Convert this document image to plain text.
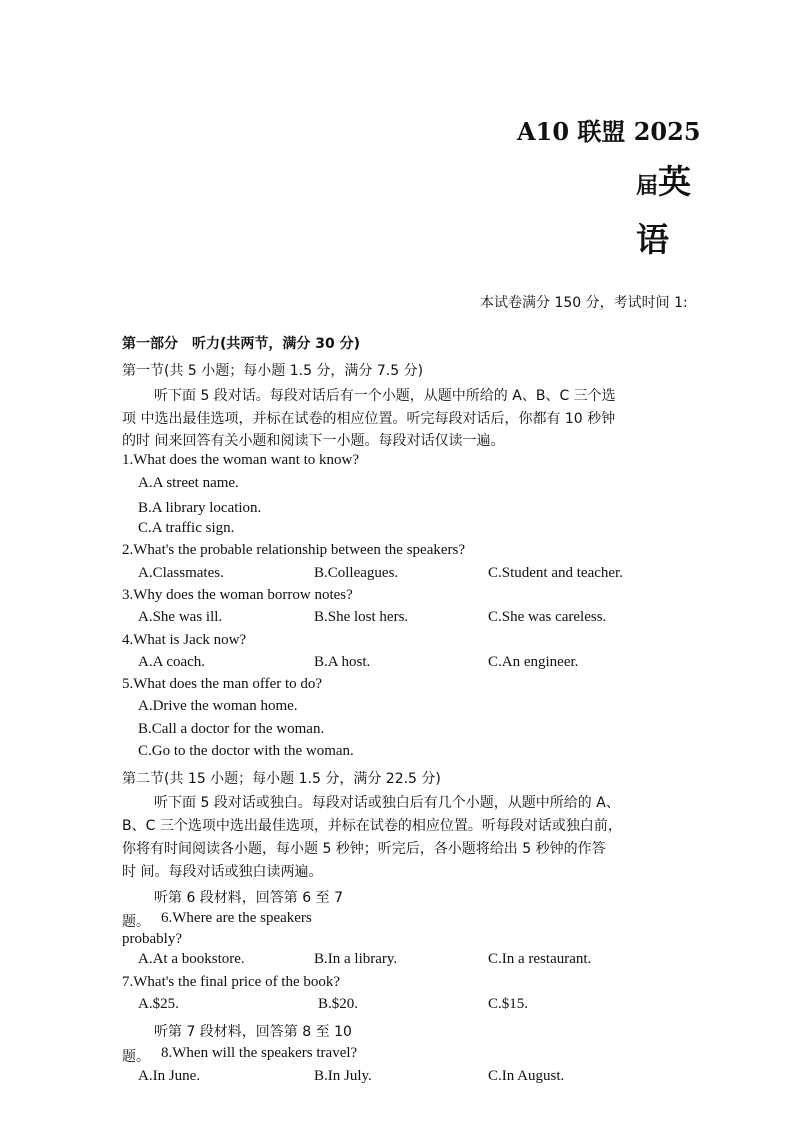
A10 联盟 2025
届英
语
本试卷满分 150 分，考试时间 1:
第一部分　听力(共两节，满分 30 分)
第一节(共 5 小题；每小题 1.5 分，满分 7.5 分)
听下面 5 段对话。每段对话后有一个小题，从题中所给的 A、B、C 三个选
项 中选出最佳选项，并标在试卷的相应位置。听完每段对话后，你都有 10 秒钟
的时 间来回答有关小题和阅读下一小题。每段对话仅读一遍。
1.What does the woman want to know?
A.A street name.
B.A library location.
C.A traffic sign.
2.What's the probable relationship between the speakers?
A.Classmates.	B.Colleagues.	C.Student and teacher.
3.Why does the woman borrow notes?
A.She was ill.	B.She lost hers.	C.She was careless.
4.What is Jack now?
A.A coach.	B.A host.	C.An engineer.
5.What does the man offer to do?
A.Drive the woman home.
B.Call a doctor for the woman.
C.Go to the doctor with the woman.
第二节(共 15 小题；每小题 1.5 分，满分 22.5 分)
听下面 5 段对话或独白。每段对话或独白后有几个小题，从题中所给的 A、
B、C 三个选项中选出最佳选项，并标在试卷的相应位置。听每段对话或独白前，
你将有时间阅读各小题，每小题 5 秒钟；听完后，各小题将给出 5 秒钟的作答
时 间。每段对话或独白读两遍。
听第 6 段材料，回答第 6 至 7
题。 6.Where are the speakers
probably?
A.At a bookstore.	B.In a library.	C.In a restaurant.
7.What's the final price of the book?
A.$25.	B.$20.	C.$15.
听第 7 段材料，回答第 8 至 10
题。 8.When will the speakers travel?
A.In June.	B.In July.	C.In August.
